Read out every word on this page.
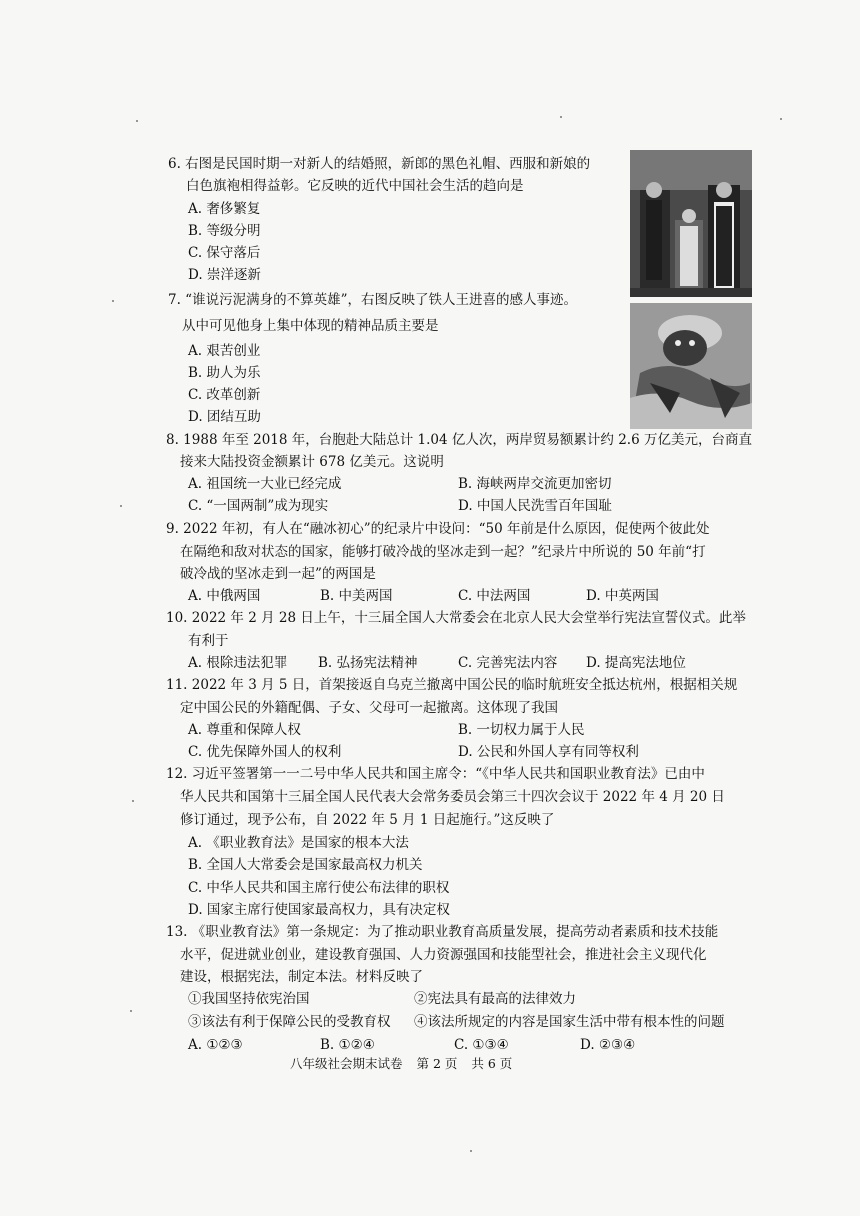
6. 右图是民国时期一对新人的结婚照，新郎的黑色礼帽、西服和新娘的
白色旗袍相得益彰。它反映的近代中国社会生活的趋向是
A. 奢侈繁复
B. 等级分明
C. 保守落后
D. 崇洋逐新
7. “谁说污泥满身的不算英雄”，右图反映了铁人王进喜的感人事迹。
从中可见他身上集中体现的精神品质主要是
A. 艰苦创业
B. 助人为乐
C. 改革创新
D. 团结互助
8. 1988 年至 2018 年，台胞赴大陆总计 1.04 亿人次，两岸贸易额累计约 2.6 万亿美元，台商直
接来大陆投资金额累计 678 亿美元。这说明
A. 祖国统一大业已经完成	B. 海峡两岸交流更加密切
C. “一国两制”成为现实	D. 中国人民洗雪百年国耻
9. 2022 年初，有人在“融冰初心”的纪录片中设问：“50 年前是什么原因，促使两个彼此处
在隔绝和敌对状态的国家，能够打破冷战的坚冰走到一起？”纪录片中所说的 50 年前“打
破冷战的坚冰走到一起”的两国是
A. 中俄两国	B. 中美两国	C. 中法两国	D. 中英两国
10. 2022 年 2 月 28 日上午，十三届全国人大常委会在北京人民大会堂举行宪法宣誓仪式。此举
有利于
A. 根除违法犯罪 B. 弘扬宪法精神	C. 完善宪法内容 D. 提高宪法地位
11. 2022 年 3 月 5 日，首架接返自乌克兰撤离中国公民的临时航班安全抵达杭州，根据相关规
定中国公民的外籍配偶、子女、父母可一起撤离。这体现了我国
A. 尊重和保障人权	B. 一切权力属于人民
C. 优先保障外国人的权利	D. 公民和外国人享有同等权利
12. 习近平签署第一一二号中华人民共和国主席令：“《中华人民共和国职业教育法》已由中
华人民共和国第十三届全国人民代表大会常务委员会第三十四次会议于 2022 年 4 月 20 日
修订通过，现予公布，自 2022 年 5 月 1 日起施行。”这反映了
A. 《职业教育法》是国家的根本大法
B. 全国人大常委会是国家最高权力机关
C. 中华人民共和国主席行使公布法律的职权
D. 国家主席行使国家最高权力，具有决定权
13. 《职业教育法》第一条规定：为了推动职业教育高质量发展，提高劳动者素质和技术技能
水平，促进就业创业，建设教育强国、人力资源强国和技能型社会，推进社会主义现代化
建设，根据宪法，制定本法。材料反映了
①我国坚持依宪治国	②宪法具有最高的法律效力
③该法有利于保障公民的受教育权 ④该法所规定的内容是国家生活中带有根本性的问题
A. ①②③	B. ①②④	C. ①③④	D. ②③④
八年级社会期末试卷 第 2 页 共 6 页
